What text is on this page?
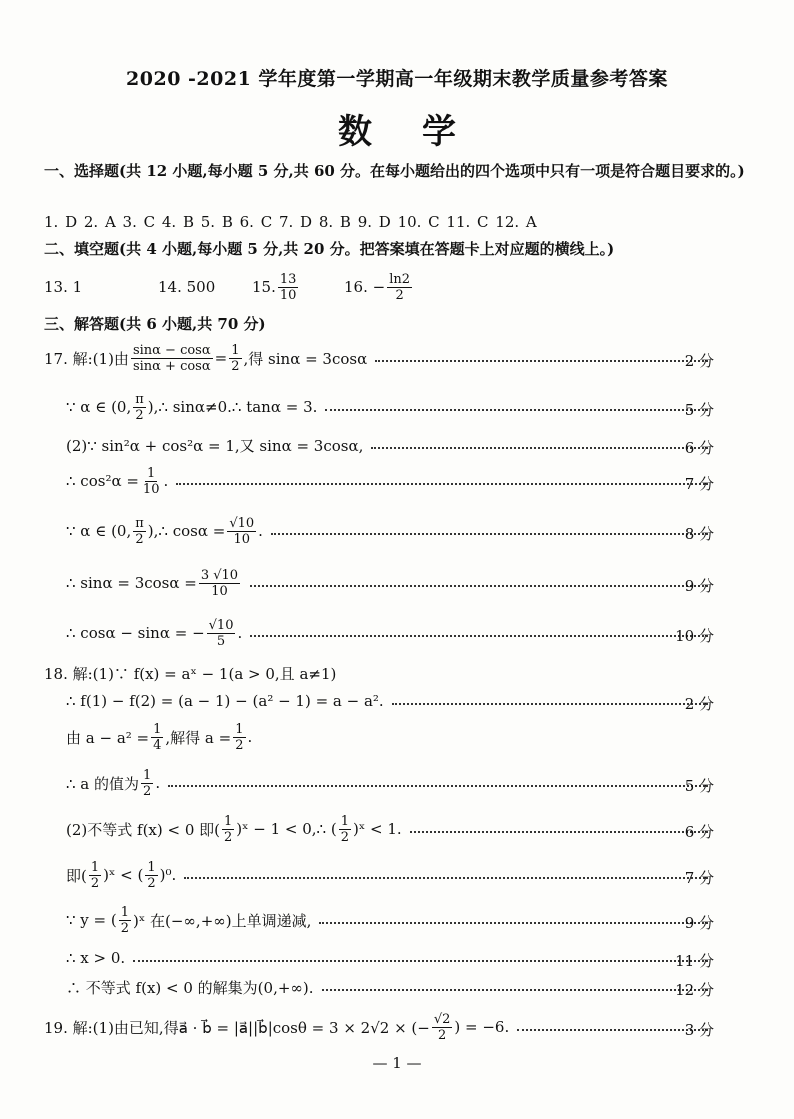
2020 -2021 学年度第一学期高一年级期末教学质量参考答案
数学
一、选择题(共 12 小题,每小题 5 分,共 60 分。在每小题给出的四个选项中只有一项是符合题目要求的。)
1. D 2. A 3. C 4. B 5. B 6. C 7. D 8. B 9. D 10. C 11. C 12. A
二、填空题(共 4 小题,每小题 5 分,共 20 分。把答案填在答题卡上对应题的横线上。)
13. 1	14. 500 15. $\frac{13}{10}$	16. − $\frac{\ln 2}{2}$
三、解答题(共 6 小题,共 70 分)
17. 解:(1)由 $\frac{\sin\alpha - \cos\alpha}{\sin\alpha + \cos\alpha} = \frac{1}{2}$ ,得 sinα = 3cosα	2 分
∵ α ∈ (0, $\frac{\pi}{2}$ ),∴ sinα≠0.∴ tanα = 3.	5 分
(2)∵ sin²α + cos²α = 1,又 sinα = 3cosα,	6 分
∴ $\cos^2\alpha = \frac{1}{10}$ .	7 分
∵ α ∈ (0, $\frac{\pi}{2}$ ),∴ $\cos\alpha = \frac{√10}{10}$ .	8 分
∴ $\sin\alpha = 3\cos\alpha = \frac{3 √10}{10}$	9 分
∴ cosα − sinα = − $\frac{√10}{5}$ .	10 分
18. 解:(1)∵ f(x) = aˣ − 1(a > 0,且 a≠1)
∴ f(1) − f(2) = (a − 1) − (a² − 1) = a − a².	2 分
由 $a - a^2 = \frac{1}{4}$ ,解得 $a = \frac{1}{2}$ .
∴ a 的值为 $\frac{1}{2}$ .	5 分
(2)不等式 f(x) < 0 即( $\frac{1}{2}$ )ˣ − 1 < 0,∴ ( $\frac{1}{2}$ )ˣ < 1.	6 分
即( $\frac{1}{2}$ )ˣ < ( $\frac{1}{2} )^0$.	7 分
∵ y = ( $\frac{1}{2}$ )ˣ 在(−∞,+∞)上单调递减,	9 分
∴ x > 0.	11 分
∴ 不等式 f(x) < 0 的解集为(0,+∞).	12 分
19. 解:(1)由已知,得a⃗ · b⃗ = |a⃗||b⃗|cosθ = 3 × 2√2 × (− $\frac{√2}{2}$ ) = −6.	3 分
— 1 —
